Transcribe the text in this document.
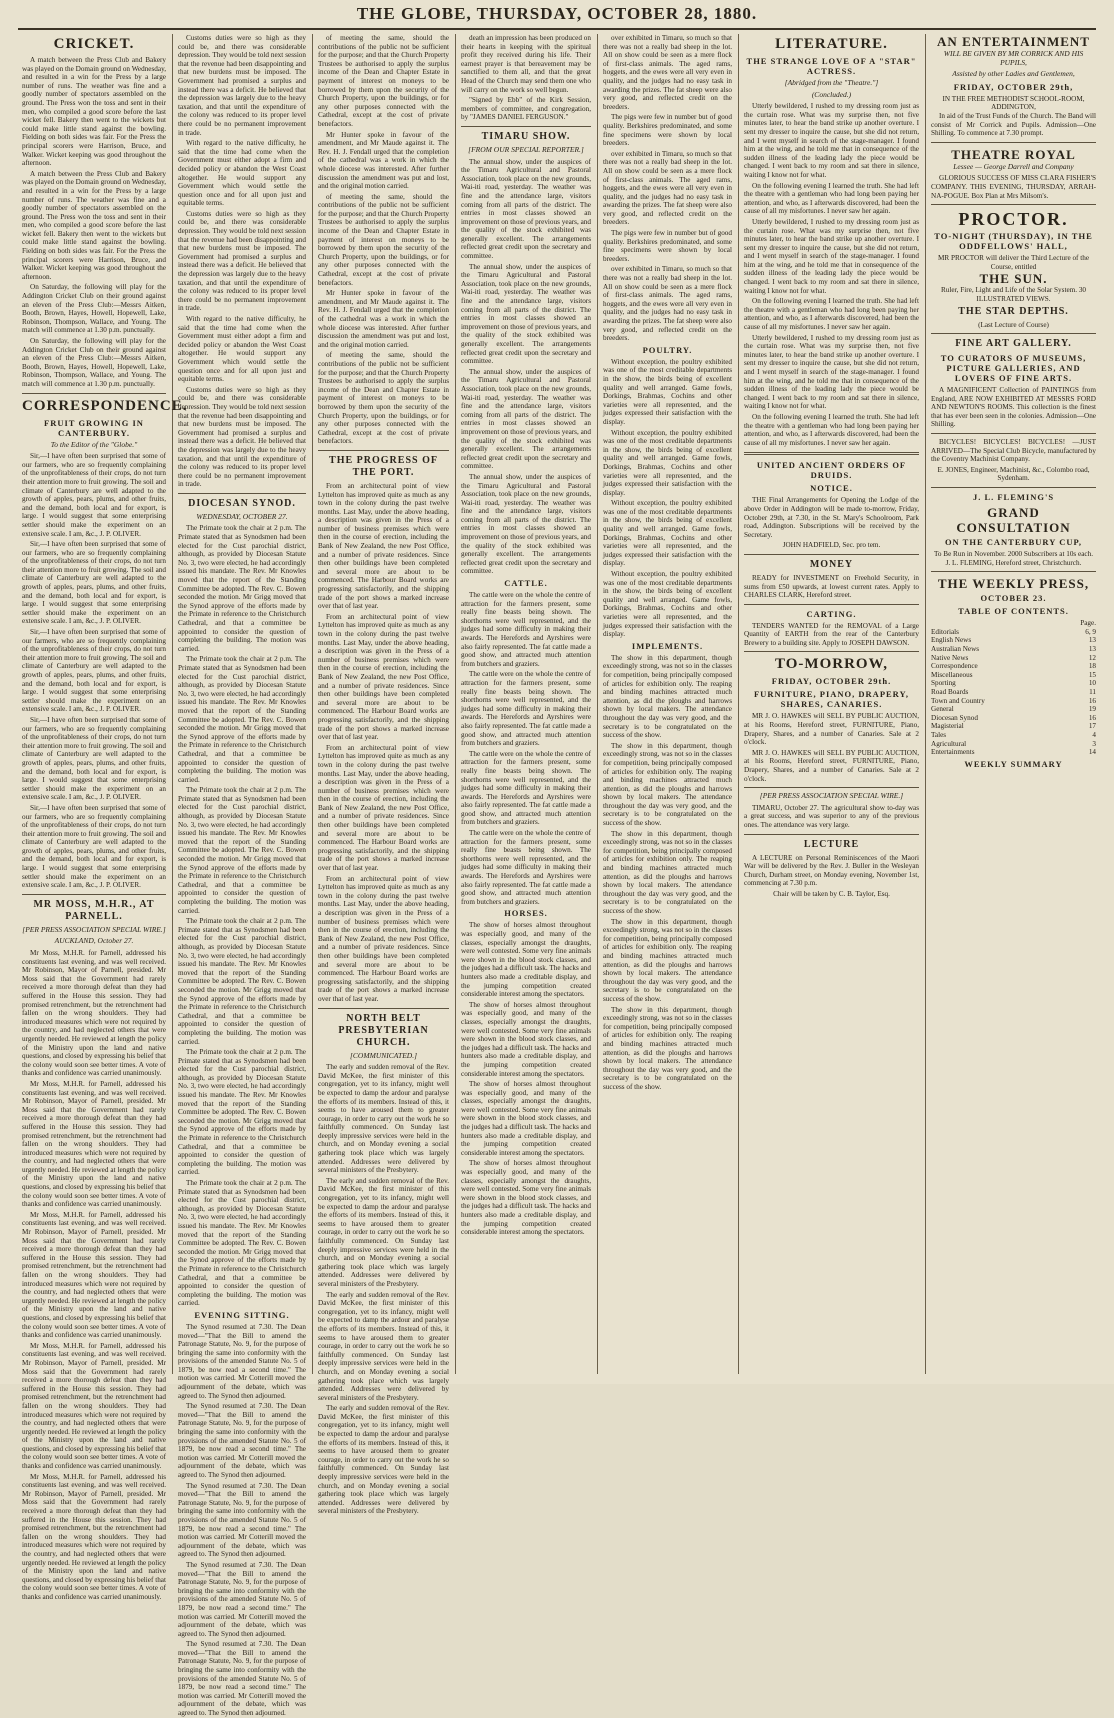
THE GLOBE, THURSDAY, OCTOBER 28, 1880.
CRICKET.
A match between the Press Club and Bakery was played on the Domain ground on Wednesday, and resulted in a win for the Press by a large number of runs. The weather was fine and a goodly number of spectators assembled on the ground. The Press won the toss and sent in their men, who compiled a good score before the last wicket fell. Bakery then went to the wickets but could make little stand against the bowling. Fielding on both sides was fair. For the Press the principal scorers were Harrison, Bruce, and Walker. Wicket keeping was good throughout the afternoon.
A match between the Press Club and Bakery was played on the Domain ground on Wednesday, and resulted in a win for the Press by a large number of runs. The weather was fine and a goodly number of spectators assembled on the ground. The Press won the toss and sent in their men, who compiled a good score before the last wicket fell. Bakery then went to the wickets but could make little stand against the bowling. Fielding on both sides was fair. For the Press the principal scorers were Harrison, Bruce, and Walker. Wicket keeping was good throughout the afternoon.
On Saturday, the following will play for the Addington Cricket Club on their ground against an eleven of the Press Club:—Messrs Aitken, Booth, Brown, Hayes, Howell, Hopewell, Lake, Robinson, Thompson, Wallace, and Young. The match will commence at 1.30 p.m. punctually.
On Saturday, the following will play for the Addington Cricket Club on their ground against an eleven of the Press Club:—Messrs Aitken, Booth, Brown, Hayes, Howell, Hopewell, Lake, Robinson, Thompson, Wallace, and Young. The match will commence at 1.30 p.m. punctually.
CORRESPONDENCE.
FRUIT GROWING IN CANTERBURY.
To the Editor of the "Globe."
Sir,—I have often been surprised that some of our farmers, who are so frequently complaining of the unprofitableness of their crops, do not turn their attention more to fruit growing. The soil and climate of Canterbury are well adapted to the growth of apples, pears, plums, and other fruits, and the demand, both local and for export, is large. I would suggest that some enterprising settler should make the experiment on an extensive scale. I am, &c., J. P. OLIVER.
Sir,—I have often been surprised that some of our farmers, who are so frequently complaining of the unprofitableness of their crops, do not turn their attention more to fruit growing. The soil and climate of Canterbury are well adapted to the growth of apples, pears, plums, and other fruits, and the demand, both local and for export, is large. I would suggest that some enterprising settler should make the experiment on an extensive scale. I am, &c., J. P. OLIVER.
Sir,—I have often been surprised that some of our farmers, who are so frequently complaining of the unprofitableness of their crops, do not turn their attention more to fruit growing. The soil and climate of Canterbury are well adapted to the growth of apples, pears, plums, and other fruits, and the demand, both local and for export, is large. I would suggest that some enterprising settler should make the experiment on an extensive scale. I am, &c., J. P. OLIVER.
Sir,—I have often been surprised that some of our farmers, who are so frequently complaining of the unprofitableness of their crops, do not turn their attention more to fruit growing. The soil and climate of Canterbury are well adapted to the growth of apples, pears, plums, and other fruits, and the demand, both local and for export, is large. I would suggest that some enterprising settler should make the experiment on an extensive scale. I am, &c., J. P. OLIVER.
Sir,—I have often been surprised that some of our farmers, who are so frequently complaining of the unprofitableness of their crops, do not turn their attention more to fruit growing. The soil and climate of Canterbury are well adapted to the growth of apples, pears, plums, and other fruits, and the demand, both local and for export, is large. I would suggest that some enterprising settler should make the experiment on an extensive scale. I am, &c., J. P. OLIVER.
MR MOSS, M.H.R., AT PARNELL.
[PER PRESS ASSOCIATION SPECIAL WIRE.]
AUCKLAND, October 27.
Mr Moss, M.H.R. for Parnell, addressed his constituents last evening, and was well received. Mr Robinson, Mayor of Parnell, presided. Mr Moss said that the Government had rarely received a more thorough defeat than they had suffered in the House this session. They had promised retrenchment, but the retrenchment had fallen on the wrong shoulders. They had introduced measures which were not required by the country, and had neglected others that were urgently needed. He reviewed at length the policy of the Ministry upon the land and native questions, and closed by expressing his belief that the colony would soon see better times. A vote of thanks and confidence was carried unanimously.
Mr Moss, M.H.R. for Parnell, addressed his constituents last evening, and was well received. Mr Robinson, Mayor of Parnell, presided. Mr Moss said that the Government had rarely received a more thorough defeat than they had suffered in the House this session. They had promised retrenchment, but the retrenchment had fallen on the wrong shoulders. They had introduced measures which were not required by the country, and had neglected others that were urgently needed. He reviewed at length the policy of the Ministry upon the land and native questions, and closed by expressing his belief that the colony would soon see better times. A vote of thanks and confidence was carried unanimously.
Mr Moss, M.H.R. for Parnell, addressed his constituents last evening, and was well received. Mr Robinson, Mayor of Parnell, presided. Mr Moss said that the Government had rarely received a more thorough defeat than they had suffered in the House this session. They had promised retrenchment, but the retrenchment had fallen on the wrong shoulders. They had introduced measures which were not required by the country, and had neglected others that were urgently needed. He reviewed at length the policy of the Ministry upon the land and native questions, and closed by expressing his belief that the colony would soon see better times. A vote of thanks and confidence was carried unanimously.
Mr Moss, M.H.R. for Parnell, addressed his constituents last evening, and was well received. Mr Robinson, Mayor of Parnell, presided. Mr Moss said that the Government had rarely received a more thorough defeat than they had suffered in the House this session. They had promised retrenchment, but the retrenchment had fallen on the wrong shoulders. They had introduced measures which were not required by the country, and had neglected others that were urgently needed. He reviewed at length the policy of the Ministry upon the land and native questions, and closed by expressing his belief that the colony would soon see better times. A vote of thanks and confidence was carried unanimously.
Mr Moss, M.H.R. for Parnell, addressed his constituents last evening, and was well received. Mr Robinson, Mayor of Parnell, presided. Mr Moss said that the Government had rarely received a more thorough defeat than they had suffered in the House this session. They had promised retrenchment, but the retrenchment had fallen on the wrong shoulders. They had introduced measures which were not required by the country, and had neglected others that were urgently needed. He reviewed at length the policy of the Ministry upon the land and native questions, and closed by expressing his belief that the colony would soon see better times. A vote of thanks and confidence was carried unanimously.
Customs duties were so high as they could be, and there was considerable depression. They would be told next session that the revenue had been disappointing and that new burdens must be imposed. The Government had promised a surplus and instead there was a deficit. He believed that the depression was largely due to the heavy taxation, and that until the expenditure of the colony was reduced to its proper level there could be no permanent improvement in trade.
With regard to the native difficulty, he said that the time had come when the Government must either adopt a firm and decided policy or abandon the West Coast altogether. He would support any Government which would settle the question once and for all upon just and equitable terms.
Customs duties were so high as they could be, and there was considerable depression. They would be told next session that the revenue had been disappointing and that new burdens must be imposed. The Government had promised a surplus and instead there was a deficit. He believed that the depression was largely due to the heavy taxation, and that until the expenditure of the colony was reduced to its proper level there could be no permanent improvement in trade.
With regard to the native difficulty, he said that the time had come when the Government must either adopt a firm and decided policy or abandon the West Coast altogether. He would support any Government which would settle the question once and for all upon just and equitable terms.
Customs duties were so high as they could be, and there was considerable depression. They would be told next session that the revenue had been disappointing and that new burdens must be imposed. The Government had promised a surplus and instead there was a deficit. He believed that the depression was largely due to the heavy taxation, and that until the expenditure of the colony was reduced to its proper level there could be no permanent improvement in trade.
DIOCESAN SYNOD.
WEDNESDAY, OCTOBER 27.
The Primate took the chair at 2 p.m. The Primate stated that as Synodsmen had been elected for the Cust parochial district, although, as provided by Diocesan Statute No. 3, two were elected, he had accordingly issued his mandate. The Rev. Mr Knowles moved that the report of the Standing Committee be adopted. The Rev. C. Bowen seconded the motion. Mr Grigg moved that the Synod approve of the efforts made by the Primate in reference to the Christchurch Cathedral, and that a committee be appointed to consider the question of completing the building. The motion was carried.
The Primate took the chair at 2 p.m. The Primate stated that as Synodsmen had been elected for the Cust parochial district, although, as provided by Diocesan Statute No. 3, two were elected, he had accordingly issued his mandate. The Rev. Mr Knowles moved that the report of the Standing Committee be adopted. The Rev. C. Bowen seconded the motion. Mr Grigg moved that the Synod approve of the efforts made by the Primate in reference to the Christchurch Cathedral, and that a committee be appointed to consider the question of completing the building. The motion was carried.
The Primate took the chair at 2 p.m. The Primate stated that as Synodsmen had been elected for the Cust parochial district, although, as provided by Diocesan Statute No. 3, two were elected, he had accordingly issued his mandate. The Rev. Mr Knowles moved that the report of the Standing Committee be adopted. The Rev. C. Bowen seconded the motion. Mr Grigg moved that the Synod approve of the efforts made by the Primate in reference to the Christchurch Cathedral, and that a committee be appointed to consider the question of completing the building. The motion was carried.
The Primate took the chair at 2 p.m. The Primate stated that as Synodsmen had been elected for the Cust parochial district, although, as provided by Diocesan Statute No. 3, two were elected, he had accordingly issued his mandate. The Rev. Mr Knowles moved that the report of the Standing Committee be adopted. The Rev. C. Bowen seconded the motion. Mr Grigg moved that the Synod approve of the efforts made by the Primate in reference to the Christchurch Cathedral, and that a committee be appointed to consider the question of completing the building. The motion was carried.
The Primate took the chair at 2 p.m. The Primate stated that as Synodsmen had been elected for the Cust parochial district, although, as provided by Diocesan Statute No. 3, two were elected, he had accordingly issued his mandate. The Rev. Mr Knowles moved that the report of the Standing Committee be adopted. The Rev. C. Bowen seconded the motion. Mr Grigg moved that the Synod approve of the efforts made by the Primate in reference to the Christchurch Cathedral, and that a committee be appointed to consider the question of completing the building. The motion was carried.
The Primate took the chair at 2 p.m. The Primate stated that as Synodsmen had been elected for the Cust parochial district, although, as provided by Diocesan Statute No. 3, two were elected, he had accordingly issued his mandate. The Rev. Mr Knowles moved that the report of the Standing Committee be adopted. The Rev. C. Bowen seconded the motion. Mr Grigg moved that the Synod approve of the efforts made by the Primate in reference to the Christchurch Cathedral, and that a committee be appointed to consider the question of completing the building. The motion was carried.
EVENING SITTING.
The Synod resumed at 7.30. The Dean moved—"That the Bill to amend the Patronage Statute, No. 9, for the purpose of bringing the same into conformity with the provisions of the amended Statute No. 5 of 1879, be now read a second time." The motion was carried. Mr Cotterill moved the adjournment of the debate, which was agreed to. The Synod then adjourned.
The Synod resumed at 7.30. The Dean moved—"That the Bill to amend the Patronage Statute, No. 9, for the purpose of bringing the same into conformity with the provisions of the amended Statute No. 5 of 1879, be now read a second time." The motion was carried. Mr Cotterill moved the adjournment of the debate, which was agreed to. The Synod then adjourned.
The Synod resumed at 7.30. The Dean moved—"That the Bill to amend the Patronage Statute, No. 9, for the purpose of bringing the same into conformity with the provisions of the amended Statute No. 5 of 1879, be now read a second time." The motion was carried. Mr Cotterill moved the adjournment of the debate, which was agreed to. The Synod then adjourned.
The Synod resumed at 7.30. The Dean moved—"That the Bill to amend the Patronage Statute, No. 9, for the purpose of bringing the same into conformity with the provisions of the amended Statute No. 5 of 1879, be now read a second time." The motion was carried. Mr Cotterill moved the adjournment of the debate, which was agreed to. The Synod then adjourned.
The Synod resumed at 7.30. The Dean moved—"That the Bill to amend the Patronage Statute, No. 9, for the purpose of bringing the same into conformity with the provisions of the amended Statute No. 5 of 1879, be now read a second time." The motion was carried. Mr Cotterill moved the adjournment of the debate, which was agreed to. The Synod then adjourned.
of meeting the same, should the contributions of the public not be sufficient for the purpose; and that the Church Property Trustees be authorised to apply the surplus income of the Dean and Chapter Estate in payment of interest on moneys to be borrowed by them upon the security of the Church Property, upon the buildings, or for any other purposes connected with the Cathedral, except at the cost of private benefactors.
Mr Hunter spoke in favour of the amendment, and Mr Maude against it. The Rev. H. J. Fendall urged that the completion of the cathedral was a work in which the whole diocese was interested. After further discussion the amendment was put and lost, and the original motion carried.
of meeting the same, should the contributions of the public not be sufficient for the purpose; and that the Church Property Trustees be authorised to apply the surplus income of the Dean and Chapter Estate in payment of interest on moneys to be borrowed by them upon the security of the Church Property, upon the buildings, or for any other purposes connected with the Cathedral, except at the cost of private benefactors.
Mr Hunter spoke in favour of the amendment, and Mr Maude against it. The Rev. H. J. Fendall urged that the completion of the cathedral was a work in which the whole diocese was interested. After further discussion the amendment was put and lost, and the original motion carried.
of meeting the same, should the contributions of the public not be sufficient for the purpose; and that the Church Property Trustees be authorised to apply the surplus income of the Dean and Chapter Estate in payment of interest on moneys to be borrowed by them upon the security of the Church Property, upon the buildings, or for any other purposes connected with the Cathedral, except at the cost of private benefactors.
THE PROGRESS OF THE PORT.
From an architectural point of view Lyttelton has improved quite as much as any town in the colony during the past twelve months. Last May, under the above heading, a description was given in the Press of a number of business premises which were then in the course of erection, including the Bank of New Zealand, the new Post Office, and a number of private residences. Since then other buildings have been completed and several more are about to be commenced. The Harbour Board works are progressing satisfactorily, and the shipping trade of the port shows a marked increase over that of last year.
From an architectural point of view Lyttelton has improved quite as much as any town in the colony during the past twelve months. Last May, under the above heading, a description was given in the Press of a number of business premises which were then in the course of erection, including the Bank of New Zealand, the new Post Office, and a number of private residences. Since then other buildings have been completed and several more are about to be commenced. The Harbour Board works are progressing satisfactorily, and the shipping trade of the port shows a marked increase over that of last year.
From an architectural point of view Lyttelton has improved quite as much as any town in the colony during the past twelve months. Last May, under the above heading, a description was given in the Press of a number of business premises which were then in the course of erection, including the Bank of New Zealand, the new Post Office, and a number of private residences. Since then other buildings have been completed and several more are about to be commenced. The Harbour Board works are progressing satisfactorily, and the shipping trade of the port shows a marked increase over that of last year.
From an architectural point of view Lyttelton has improved quite as much as any town in the colony during the past twelve months. Last May, under the above heading, a description was given in the Press of a number of business premises which were then in the course of erection, including the Bank of New Zealand, the new Post Office, and a number of private residences. Since then other buildings have been completed and several more are about to be commenced. The Harbour Board works are progressing satisfactorily, and the shipping trade of the port shows a marked increase over that of last year.
NORTH BELT PRESBYTERIAN CHURCH.
[COMMUNICATED.]
The early and sudden removal of the Rev. David McKee, the first minister of this congregation, yet to its infancy, might well be expected to damp the ardour and paralyse the efforts of its members. Instead of this, it seems to have aroused them to greater courage, in order to carry out the work he so faithfully commenced. On Sunday last deeply impressive services were held in the church, and on Monday evening a social gathering took place which was largely attended. Addresses were delivered by several ministers of the Presbytery.
The early and sudden removal of the Rev. David McKee, the first minister of this congregation, yet to its infancy, might well be expected to damp the ardour and paralyse the efforts of its members. Instead of this, it seems to have aroused them to greater courage, in order to carry out the work he so faithfully commenced. On Sunday last deeply impressive services were held in the church, and on Monday evening a social gathering took place which was largely attended. Addresses were delivered by several ministers of the Presbytery.
The early and sudden removal of the Rev. David McKee, the first minister of this congregation, yet to its infancy, might well be expected to damp the ardour and paralyse the efforts of its members. Instead of this, it seems to have aroused them to greater courage, in order to carry out the work he so faithfully commenced. On Sunday last deeply impressive services were held in the church, and on Monday evening a social gathering took place which was largely attended. Addresses were delivered by several ministers of the Presbytery.
The early and sudden removal of the Rev. David McKee, the first minister of this congregation, yet to its infancy, might well be expected to damp the ardour and paralyse the efforts of its members. Instead of this, it seems to have aroused them to greater courage, in order to carry out the work he so faithfully commenced. On Sunday last deeply impressive services were held in the church, and on Monday evening a social gathering took place which was largely attended. Addresses were delivered by several ministers of the Presbytery.
death an impression has been produced on their hearts in keeping with the spiritual profit they received during his life. Their earnest prayer is that bereavement may be sanctified to them all, and that the great Head of the Church may send them one who will carry on the work so well begun.
"Signed by Ebb" of the Kirk Session, members of committee, and congregation, by "JAMES DANIEL FERGUSON."
TIMARU SHOW.
[FROM OUR SPECIAL REPORTER.]
The annual show, under the auspices of the Timaru Agricultural and Pastoral Association, took place on the new grounds, Wai-iti road, yesterday. The weather was fine and the attendance large, visitors coming from all parts of the district. The entries in most classes showed an improvement on those of previous years, and the quality of the stock exhibited was generally excellent. The arrangements reflected great credit upon the secretary and committee.
The annual show, under the auspices of the Timaru Agricultural and Pastoral Association, took place on the new grounds, Wai-iti road, yesterday. The weather was fine and the attendance large, visitors coming from all parts of the district. The entries in most classes showed an improvement on those of previous years, and the quality of the stock exhibited was generally excellent. The arrangements reflected great credit upon the secretary and committee.
The annual show, under the auspices of the Timaru Agricultural and Pastoral Association, took place on the new grounds, Wai-iti road, yesterday. The weather was fine and the attendance large, visitors coming from all parts of the district. The entries in most classes showed an improvement on those of previous years, and the quality of the stock exhibited was generally excellent. The arrangements reflected great credit upon the secretary and committee.
The annual show, under the auspices of the Timaru Agricultural and Pastoral Association, took place on the new grounds, Wai-iti road, yesterday. The weather was fine and the attendance large, visitors coming from all parts of the district. The entries in most classes showed an improvement on those of previous years, and the quality of the stock exhibited was generally excellent. The arrangements reflected great credit upon the secretary and committee.
CATTLE.
The cattle were on the whole the centre of attraction for the farmers present, some really fine beasts being shown. The shorthorns were well represented, and the judges had some difficulty in making their awards. The Herefords and Ayrshires were also fairly represented. The fat cattle made a good show, and attracted much attention from butchers and graziers.
The cattle were on the whole the centre of attraction for the farmers present, some really fine beasts being shown. The shorthorns were well represented, and the judges had some difficulty in making their awards. The Herefords and Ayrshires were also fairly represented. The fat cattle made a good show, and attracted much attention from butchers and graziers.
The cattle were on the whole the centre of attraction for the farmers present, some really fine beasts being shown. The shorthorns were well represented, and the judges had some difficulty in making their awards. The Herefords and Ayrshires were also fairly represented. The fat cattle made a good show, and attracted much attention from butchers and graziers.
The cattle were on the whole the centre of attraction for the farmers present, some really fine beasts being shown. The shorthorns were well represented, and the judges had some difficulty in making their awards. The Herefords and Ayrshires were also fairly represented. The fat cattle made a good show, and attracted much attention from butchers and graziers.
HORSES.
The show of horses almost throughout was especially good, and many of the classes, especially amongst the draughts, were well contested. Some very fine animals were shown in the blood stock classes, and the judges had a difficult task. The hacks and hunters also made a creditable display, and the jumping competition created considerable interest among the spectators.
The show of horses almost throughout was especially good, and many of the classes, especially amongst the draughts, were well contested. Some very fine animals were shown in the blood stock classes, and the judges had a difficult task. The hacks and hunters also made a creditable display, and the jumping competition created considerable interest among the spectators.
The show of horses almost throughout was especially good, and many of the classes, especially amongst the draughts, were well contested. Some very fine animals were shown in the blood stock classes, and the judges had a difficult task. The hacks and hunters also made a creditable display, and the jumping competition created considerable interest among the spectators.
The show of horses almost throughout was especially good, and many of the classes, especially amongst the draughts, were well contested. Some very fine animals were shown in the blood stock classes, and the judges had a difficult task. The hacks and hunters also made a creditable display, and the jumping competition created considerable interest among the spectators.
over exhibited in Timaru, so much so that there was not a really bad sheep in the lot. All on show could be seen as a mere flock of first-class animals. The aged rams, hoggets, and the ewes were all very even in quality, and the judges had no easy task in awarding the prizes. The fat sheep were also very good, and reflected credit on the breeders.
The pigs were few in number but of good quality. Berkshires predominated, and some fine specimens were shown by local breeders.
over exhibited in Timaru, so much so that there was not a really bad sheep in the lot. All on show could be seen as a mere flock of first-class animals. The aged rams, hoggets, and the ewes were all very even in quality, and the judges had no easy task in awarding the prizes. The fat sheep were also very good, and reflected credit on the breeders.
The pigs were few in number but of good quality. Berkshires predominated, and some fine specimens were shown by local breeders.
over exhibited in Timaru, so much so that there was not a really bad sheep in the lot. All on show could be seen as a mere flock of first-class animals. The aged rams, hoggets, and the ewes were all very even in quality, and the judges had no easy task in awarding the prizes. The fat sheep were also very good, and reflected credit on the breeders.
POULTRY.
Without exception, the poultry exhibited was one of the most creditable departments in the show, the birds being of excellent quality and well arranged. Game fowls, Dorkings, Brahmas, Cochins and other varieties were all represented, and the judges expressed their satisfaction with the display.
Without exception, the poultry exhibited was one of the most creditable departments in the show, the birds being of excellent quality and well arranged. Game fowls, Dorkings, Brahmas, Cochins and other varieties were all represented, and the judges expressed their satisfaction with the display.
Without exception, the poultry exhibited was one of the most creditable departments in the show, the birds being of excellent quality and well arranged. Game fowls, Dorkings, Brahmas, Cochins and other varieties were all represented, and the judges expressed their satisfaction with the display.
Without exception, the poultry exhibited was one of the most creditable departments in the show, the birds being of excellent quality and well arranged. Game fowls, Dorkings, Brahmas, Cochins and other varieties were all represented, and the judges expressed their satisfaction with the display.
IMPLEMENTS.
The show in this department, though exceedingly strong, was not so in the classes for competition, being principally composed of articles for exhibition only. The reaping and binding machines attracted much attention, as did the ploughs and harrows shown by local makers. The attendance throughout the day was very good, and the secretary is to be congratulated on the success of the show.
The show in this department, though exceedingly strong, was not so in the classes for competition, being principally composed of articles for exhibition only. The reaping and binding machines attracted much attention, as did the ploughs and harrows shown by local makers. The attendance throughout the day was very good, and the secretary is to be congratulated on the success of the show.
The show in this department, though exceedingly strong, was not so in the classes for competition, being principally composed of articles for exhibition only. The reaping and binding machines attracted much attention, as did the ploughs and harrows shown by local makers. The attendance throughout the day was very good, and the secretary is to be congratulated on the success of the show.
The show in this department, though exceedingly strong, was not so in the classes for competition, being principally composed of articles for exhibition only. The reaping and binding machines attracted much attention, as did the ploughs and harrows shown by local makers. The attendance throughout the day was very good, and the secretary is to be congratulated on the success of the show.
The show in this department, though exceedingly strong, was not so in the classes for competition, being principally composed of articles for exhibition only. The reaping and binding machines attracted much attention, as did the ploughs and harrows shown by local makers. The attendance throughout the day was very good, and the secretary is to be congratulated on the success of the show.
LITERATURE.
THE STRANGE LOVE OF A "STAR" ACTRESS.
[Abridged from the "Theatre."]
(Concluded.)
Utterly bewildered, I rushed to my dressing room just as the curtain rose. What was my surprise then, not five minutes later, to hear the band strike up another overture. I sent my dresser to inquire the cause, but she did not return, and I went myself in search of the stage-manager. I found him at the wing, and he told me that in consequence of the sudden illness of the leading lady the piece would be changed. I went back to my room and sat there in silence, waiting I know not for what.
On the following evening I learned the truth. She had left the theatre with a gentleman who had long been paying her attention, and who, as I afterwards discovered, had been the cause of all my misfortunes. I never saw her again.
Utterly bewildered, I rushed to my dressing room just as the curtain rose. What was my surprise then, not five minutes later, to hear the band strike up another overture. I sent my dresser to inquire the cause, but she did not return, and I went myself in search of the stage-manager. I found him at the wing, and he told me that in consequence of the sudden illness of the leading lady the piece would be changed. I went back to my room and sat there in silence, waiting I know not for what.
On the following evening I learned the truth. She had left the theatre with a gentleman who had long been paying her attention, and who, as I afterwards discovered, had been the cause of all my misfortunes. I never saw her again.
Utterly bewildered, I rushed to my dressing room just as the curtain rose. What was my surprise then, not five minutes later, to hear the band strike up another overture. I sent my dresser to inquire the cause, but she did not return, and I went myself in search of the stage-manager. I found him at the wing, and he told me that in consequence of the sudden illness of the leading lady the piece would be changed. I went back to my room and sat there in silence, waiting I know not for what.
On the following evening I learned the truth. She had left the theatre with a gentleman who had long been paying her attention, and who, as I afterwards discovered, had been the cause of all my misfortunes. I never saw her again.
UNITED ANCIENT ORDERS OF DRUIDS.
NOTICE.
THE Final Arrangements for Opening the Lodge of the above Order in Addington will be made to-morrow, Friday, October 29th, at 7.30, in the St. Mary's Schoolroom, Park road, Addington. Subscriptions will be received by the Secretary.
JOHN HADFIELD, Sec. pro tem.
MONEY
READY for INVESTMENT on Freehold Security, in sums from £50 upwards, at lowest current rates. Apply to CHARLES CLARK, Hereford street.
CARTING.
TENDERS WANTED for the REMOVAL of a Large Quantity of EARTH from the rear of the Canterbury Brewery to a building site. Apply to JOSEPH DAWSON.
TO-MORROW,
FRIDAY, OCTOBER 29th.
FURNITURE, PIANO, DRAPERY, SHARES, CANARIES.
MR J. O. HAWKES will SELL BY PUBLIC AUCTION, at his Rooms, Hereford street, FURNITURE, Piano, Drapery, Shares, and a number of Canaries. Sale at 2 o'clock.
MR J. O. HAWKES will SELL BY PUBLIC AUCTION, at his Rooms, Hereford street, FURNITURE, Piano, Drapery, Shares, and a number of Canaries. Sale at 2 o'clock.
[PER PRESS ASSOCIATION SPECIAL WIRE.]
TIMARU, October 27. The agricultural show to-day was a great success, and was superior to any of the previous ones. The attendance was very large.
LECTURE
A LECTURE on Personal Reminiscences of the Maori War will be delivered by the Rev. J. Buller in the Wesleyan Church, Durham street, on Monday evening, November 1st, commencing at 7.30 p.m.
Chair will be taken by C. B. Taylor, Esq.
AN ENTERTAINMENT
WILL BE GIVEN BY MR CORRICK AND HIS PUPILS,
Assisted by other Ladies and Gentlemen,
FRIDAY, OCTOBER 29th,
IN THE FREE METHODIST SCHOOL-ROOM, ADDINGTON,
In aid of the Trust Funds of the Church. The Band will consist of Mr Corrick and Pupils. Admission—One Shilling. To commence at 7.30 prompt.
THEATRE ROYAL
Lessee — George Darrell and Company
GLORIOUS SUCCESS OF MISS CLARA FISHER'S COMPANY. THIS EVENING, THURSDAY, ARRAH-NA-POGUE. Box Plan at Mrs Milsom's.
PROCTOR.
TO-NIGHT (THURSDAY), IN THE ODDFELLOWS' HALL,
MR PROCTOR will deliver the Third Lecture of the Course, entitled
THE SUN.
Ruler, Fire, Light and Life of the Solar System. 30 ILLUSTRATED VIEWS.
THE STAR DEPTHS.
(Last Lecture of Course)
FINE ART GALLERY.
TO CURATORS OF MUSEUMS, PICTURE GALLERIES, AND LOVERS OF FINE ARTS.
A MAGNIFICENT Collection of PAINTINGS from England, ARE NOW EXHIBITED AT MESSRS FORD AND NEWTON'S ROOMS. This collection is the finest that has ever been seen in the colonies. Admission—One Shilling.
BICYCLES! BICYCLES! BICYCLES! —JUST ARRIVED—The Special Club Bicycle, manufactured by the Coventry Machinist Company.
E. JONES, Engineer, Machinist, &c., Colombo road, Sydenham.
J. L. FLEMING'S
GRAND CONSULTATION
ON THE CANTERBURY CUP,
To Be Run in November. 2000 Subscribers at 10s each.
J. L. FLEMING, Hereford street, Christchurch.
THE WEEKLY PRESS,
OCTOBER 23.
TABLE OF CONTENTS.
Page.
Editorials	6, 9
English News	13
Australian News	13
Native News	12
Correspondence	18
Miscellaneous	15
Sporting	10
Road Boards	11
Town and Country	16
General	19
Diocesan Synod	16
Magisterial	17
Tales	4
Agricultural	3
Entertainments	14
WEEKLY SUMMARY
